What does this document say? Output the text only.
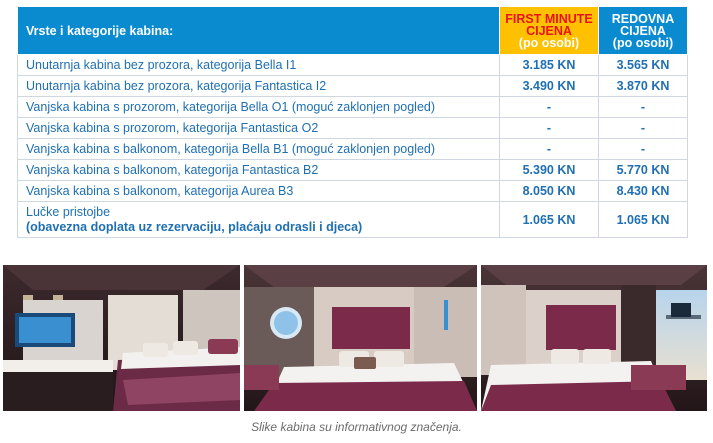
Vrste i kategorije kabina:	FIRST MINUTE
CIJENA
(po osobi)	REDOVNA
CIJENA
(po osobi)

Unutarnja kabina bez prozora, kategorija Bella I1	3.185 KN	3.565 KN
Unutarnja kabina bez prozora, kategorija Fantastica I2	3.490 KN	3.870 KN
Vanjska kabina s prozorom, kategorija Bella O1 (moguć zaklonjen pogled)	-	-
Vanjska kabina s prozorom, kategorija Fantastica O2	-	-
Vanjska kabina s balkonom, kategorija Bella B1 (moguć zaklonjen pogled)	-	-
Vanjska kabina s balkonom, kategorija Fantastica B2	5.390 KN	5.770 KN
Vanjska kabina s balkonom, kategorija Aurea B3	8.050 KN	8.430 KN
Lučke pristojbe
(obavezna doplata uz rezervaciju, plaćaju odrasli i djeca)	1.065 KN	1.065 KN
Slike kabina su informativnog značenja.
